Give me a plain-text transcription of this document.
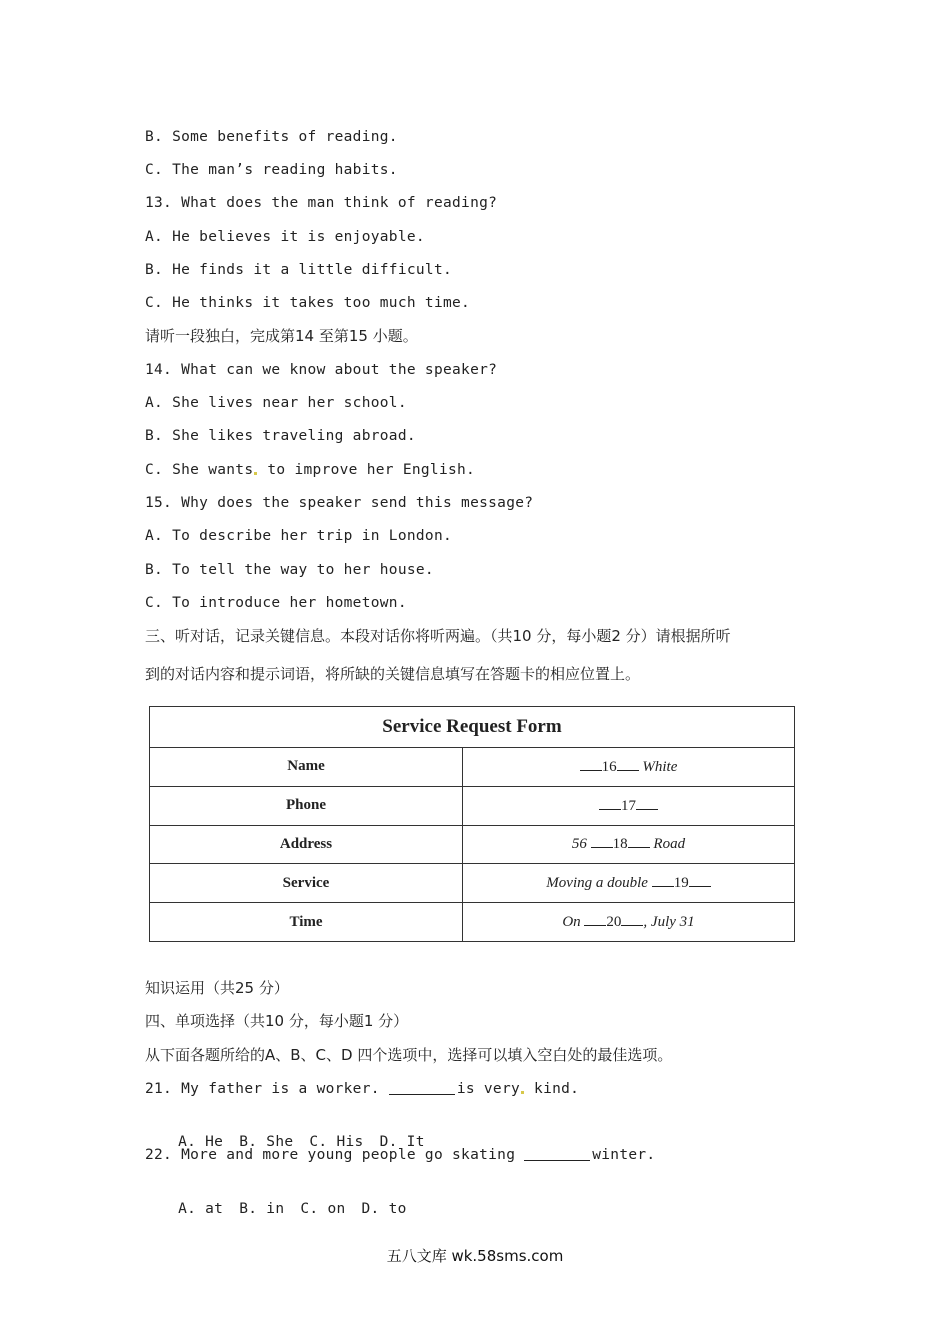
B. Some benefits of reading.
C. The man’s reading habits.
13. What does the man think of reading?
A. He believes it is enjoyable.
B. He finds it a little difficult.
C. He thinks it takes too much time.
请听一段独白，完成第14 至第15 小题。
14. What can we know about the speaker?
A. She lives near her school.
B. She likes traveling abroad.
C. She wants to improve her English.
15. Why does the speaker send this message?
A. To describe her trip in London.
B. To tell the way to her house.
C. To introduce her hometown.
三、听对话，记录关键信息。本段对话你将听两遍。（共10 分，每小题2 分）请根据所听
到的对话内容和提示词语，将所缺的关键信息填写在答题卡的相应位置上。
Service Request Form	
Name	16 White
Phone	17
Address	56 18 Road
Service	Moving a double 19
Time	On 20 , July 31
知识运用（共25 分）
四、单项选择（共10 分，每小题1 分）
从下面各题所给的A、B、C、D 四个选项中，选择可以填入空白处的最佳选项。
21. My father is a worker.	is very kind.

A. He B. She C. His D. It

22. More and more young people go skating	winter.

A. at B. in C. on D. to

五八文库 wk.58sms.com
